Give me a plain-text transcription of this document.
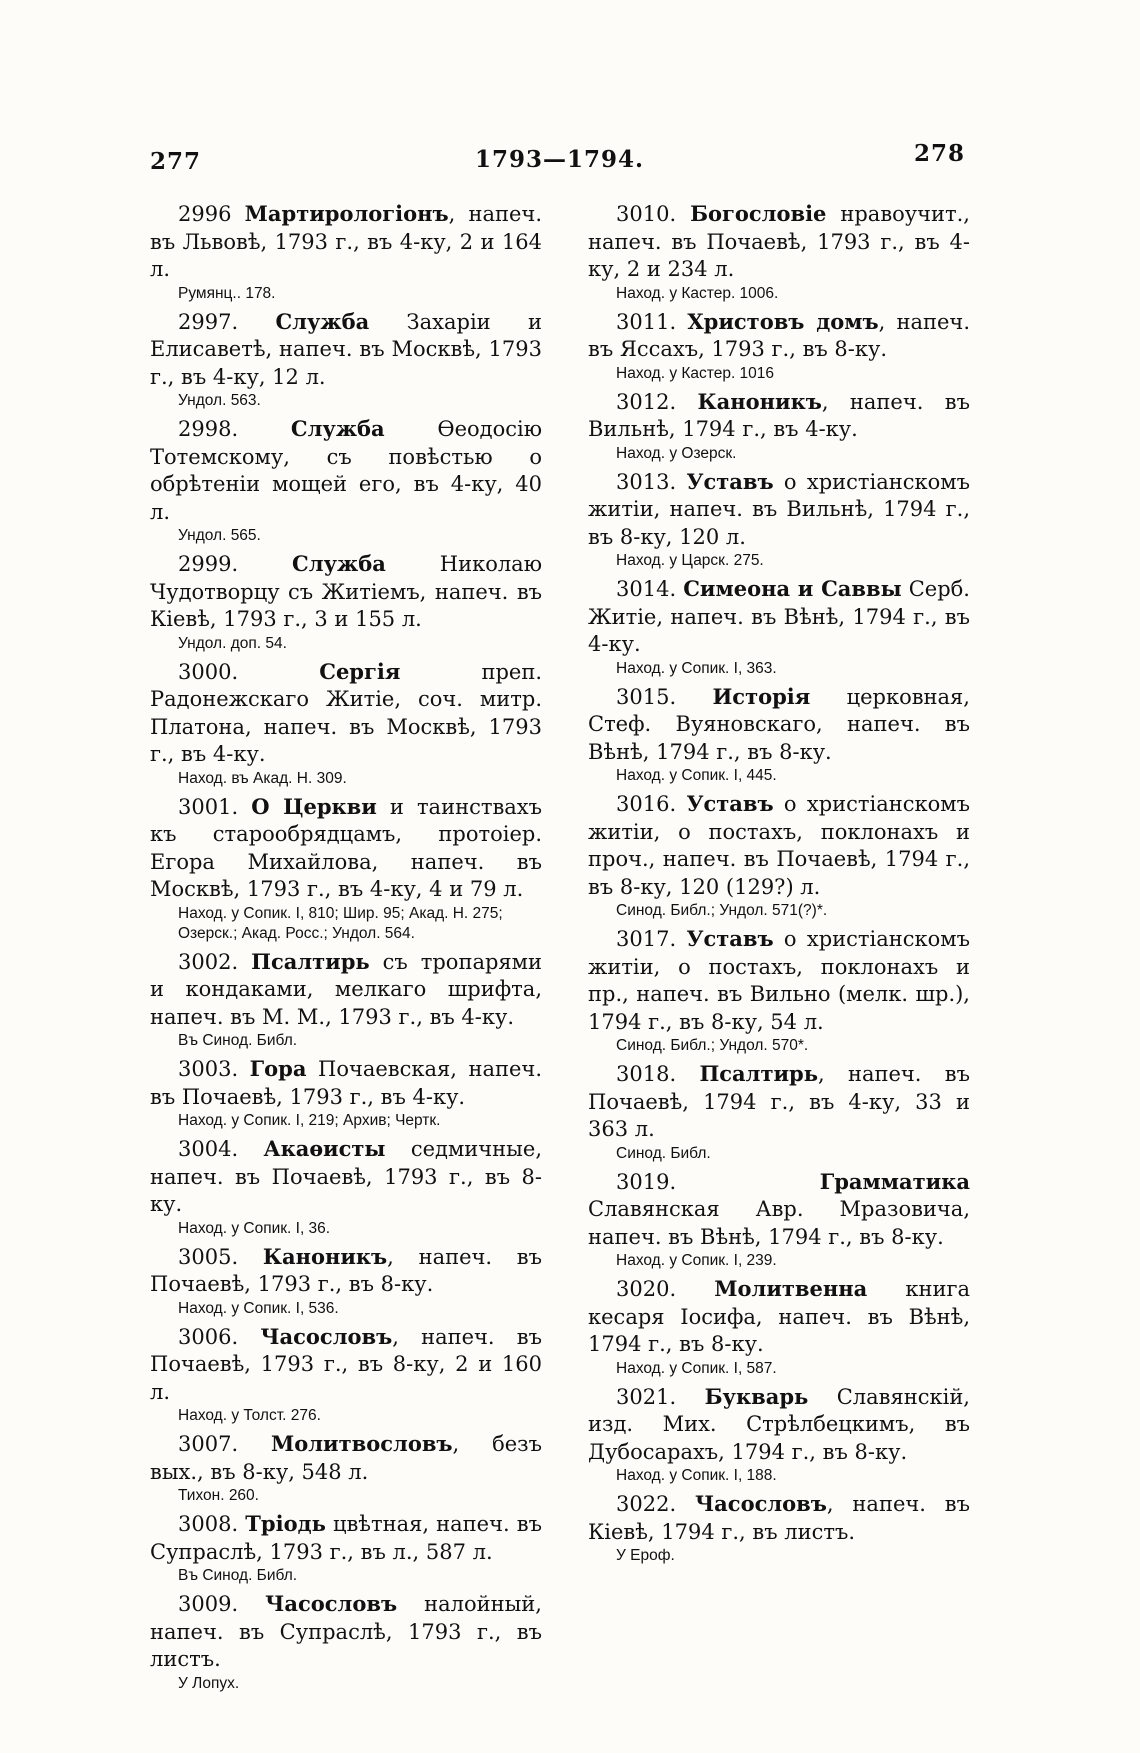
277	1793—1794.	278
2996 Мартирологіонъ, напеч. въ Львовѣ, 1793 г., въ 4-ку, 2 и 164 л.
Румянц.. 178.
2997. Служба Захаріи и Елисаветѣ, напеч. въ Москвѣ, 1793 г., въ 4-ку, 12 л.
Ундол. 563.
2998.	Служба Өеодосію Тотемскому, съ повѣстью о обрѣтеніи мощей его, въ 4-ку, 40 л.
Ундол. 565.
2999.	Служба Николаю Чудотворцу съ Житіемъ, напеч. въ Кіевѣ, 1793 г., 3 и 155 л.
Ундол. доп. 54.
3000.	Сергія преп. Радонежскаго Житіе, соч. митр. Платона, напеч. въ Москвѣ, 1793 г., въ 4-ку.
Наход. въ Акад. Н. 309.
3001. О Церкви и таинствахъ къ старообрядцамъ, протоіер. Егора Михайлова, напеч. въ Москвѣ, 1793 г., въ 4-ку, 4 и 79 л.
Наход. у Сопик. I, 810; Шир. 95; Акад. Н. 275; Озерск.; Акад. Росс.; Ундол. 564.
3002. Псалтирь съ тропарями и кондаками, мелкаго шрифта, напеч. въ М. М., 1793 г., въ 4-ку.
Въ Синод. Библ.
3003. Гора Почаевская, напеч. въ Почаевѣ, 1793 г., въ 4-ку.
Наход. у Сопик. I, 219; Архив; Чертк.
3004. Акаѳисты седмичные, напеч. въ Почаевѣ, 1793 г., въ 8-ку.
Наход. у Сопик. I, 36.
3005. Каноникъ, напеч. въ Почаевѣ, 1793 г., въ 8-ку.
Наход. у Сопик. I, 536.
3006. Часословъ, напеч. въ Почаевѣ, 1793 г., въ 8-ку, 2 и 160 л.
Наход. у Толст. 276.
3007. Молитвословъ, безъ вых., въ 8-ку, 548 л.
Тихон. 260.
3008. Тріодь цвѣтная, напеч. въ Супраслѣ, 1793 г., въ л., 587 л.
Въ Синод. Библ.
3009. Часословъ налойный, напеч. въ Супраслѣ, 1793 г., въ листъ.
У Лопух.
3010. Богословіе нравоучит., напеч. въ Почаевѣ, 1793 г., въ 4-ку, 2 и 234 л.
Наход. у Кастер. 1006.
3011. Христовъ домъ, напеч. въ Яссахъ, 1793 г., въ 8-ку.
Наход. у Кастер. 1016
3012. Каноникъ, напеч. въ Вильнѣ, 1794 г., въ 4-ку.
Наход. у Озерск.
3013. Уставъ о христіанскомъ житіи, напеч. въ Вильнѣ, 1794 г., въ 8-ку, 120 л.
Наход. у Царск. 275.
3014. Симеона и Саввы Серб. Житіе, напеч. въ Вѣнѣ, 1794 г., въ 4-ку.
Наход. у Сопик. I, 363.
3015. Исторія церковная, Стеф. Вуяновскаго, напеч. въ Вѣнѣ, 1794 г., въ 8-ку.
Наход. у Сопик. I, 445.
3016. Уставъ о христіанскомъ житіи, о постахъ, поклонахъ и проч., напеч. въ Почаевѣ, 1794 г., въ 8-ку, 120 (129?) л.
Синод. Библ.; Ундол. 571(?)*.
3017. Уставъ о христіанскомъ житіи, о постахъ, поклонахъ и пр., напеч. въ Вильно (мелк. шр.), 1794 г., въ 8-ку, 54 л.
Синод. Библ.; Ундол. 570*.
3018. Псалтирь, напеч. въ Почаевѣ, 1794 г., въ 4-ку, 33 и 363 л.
Синод. Библ.
3019.	Грамматика Славянская Авр. Мразовича, напеч. въ Вѣнѣ, 1794 г., въ 8-ку.
Наход. у Сопик. I, 239.
3020. Молитвенна книга кесаря Іосифа, напеч. въ Вѣнѣ, 1794 г., въ 8-ку.
Наход. у Сопик. I, 587.
3021. Букварь Славянскій, изд. Мих. Стрѣлбецкимъ, въ Дубосарахъ, 1794 г., въ 8-ку.
Наход. у Сопик. I, 188.
3022. Часословъ, напеч. въ Кіевѣ, 1794 г., въ листъ.
У Ероф.
